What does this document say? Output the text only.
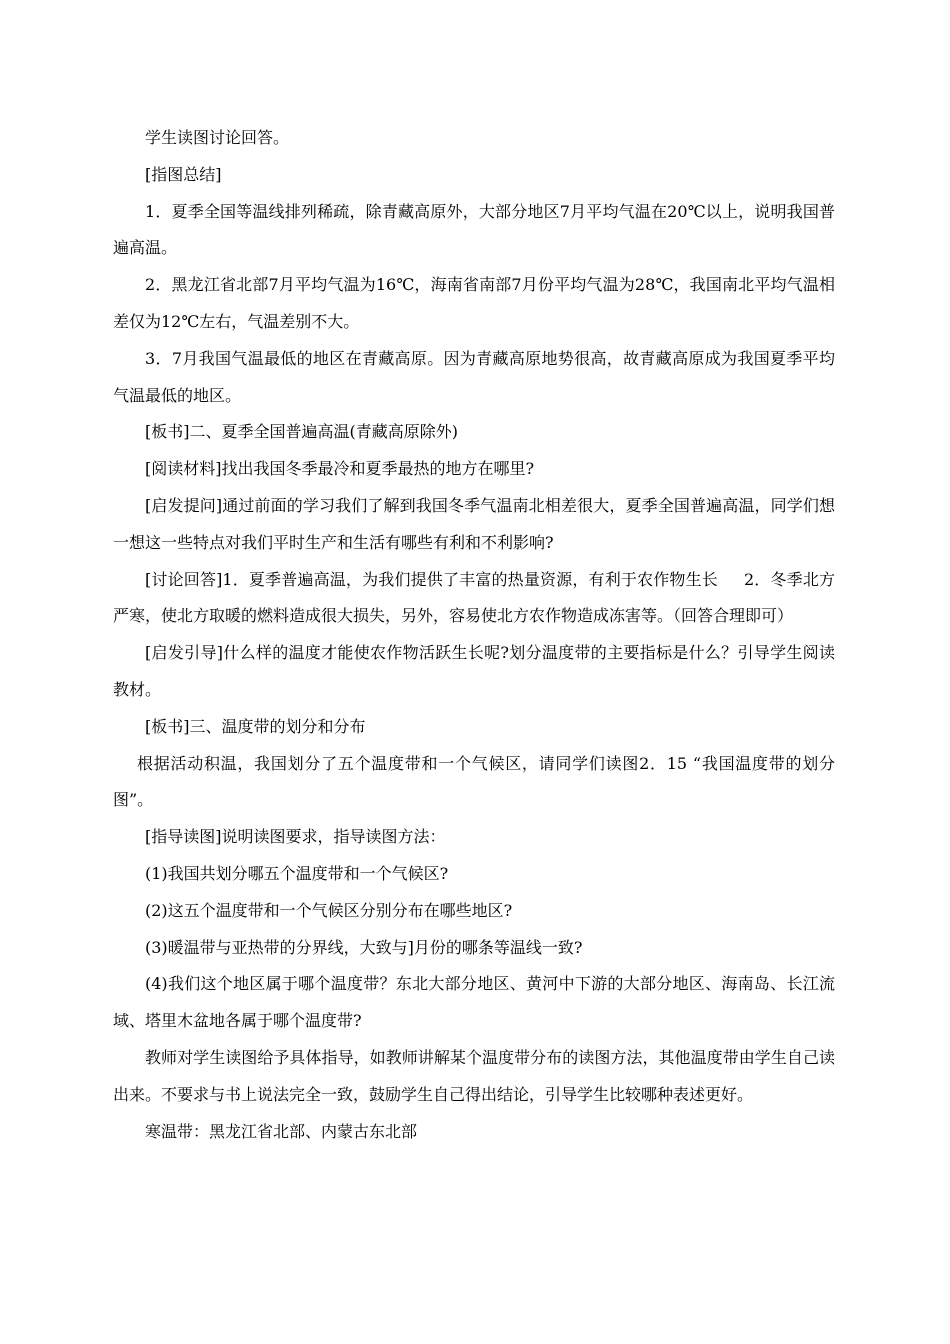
学生读图讨论回答。

[指图总结]

1．夏季全国等温线排列稀疏，除青藏高原外，大部分地区7月平均气温在20℃以上，说明我国普遍高温。

2．黑龙江省北部7月平均气温为16℃，海南省南部7月份平均气温为28℃，我国南北平均气温相差仅为12℃左右，气温差别不大。

3．7月我国气温最低的地区在青藏高原。因为青藏高原地势很高，故青藏高原成为我国夏季平均气温最低的地区。

[板书]二、夏季全国普遍高温(青藏高原除外)

[阅读材料]找出我国冬季最冷和夏季最热的地方在哪里?

[启发提问]通过前面的学习我们了解到我国冬季气温南北相差很大，夏季全国普遍高温，同学们想一想这一些特点对我们平时生产和生活有哪些有利和不利影响?

[讨论回答]1．夏季普遍高温，为我们提供了丰富的热量资源，有利于农作物生长 2．冬季北方严寒，使北方取暖的燃料造成很大损失，另外，容易使北方农作物造成冻害等。（回答合理即可）

[启发引导]什么样的温度才能使农作物活跃生长呢?划分温度带的主要指标是什么？引导学生阅读教材。

[板书]三、温度带的划分和分布

根据活动积温，我国划分了五个温度带和一个气候区，请同学们读图2．15 “我国温度带的划分图”。

[指导读图]说明读图要求，指导读图方法：

(1)我国共划分哪五个温度带和一个气候区?

(2)这五个温度带和一个气候区分别分布在哪些地区?

(3)暖温带与亚热带的分界线，大致与]月份的哪条等温线一致?

(4)我们这个地区属于哪个温度带？东北大部分地区、黄河中下游的大部分地区、海南岛、长江流域、塔里木盆地各属于哪个温度带?

教师对学生读图给予具体指导，如教师讲解某个温度带分布的读图方法，其他温度带由学生自己读出来。不要求与书上说法完全一致，鼓励学生自己得出结论，引导学生比较哪种表述更好。

寒温带：黑龙江省北部、内蒙古东北部
